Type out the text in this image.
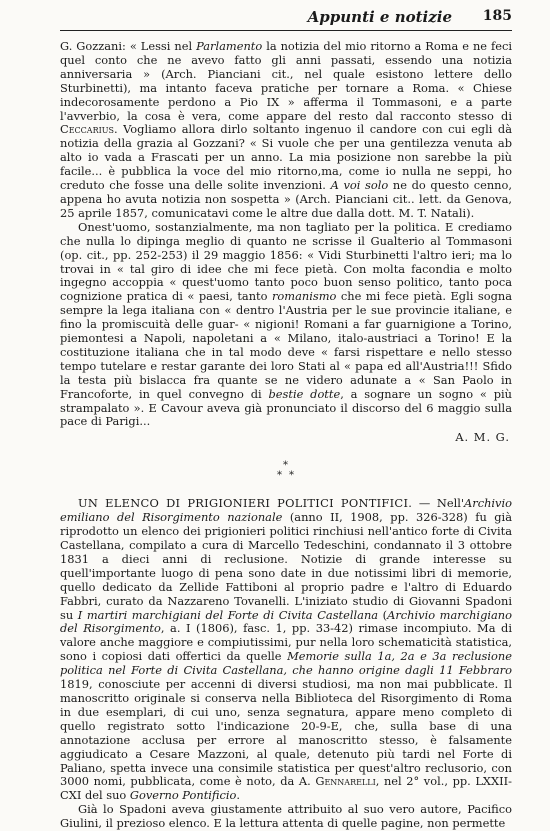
Appunti e notizie 185

G. Gozzani: « Lessi nel Parlamento la notizia del mio ritorno a Roma e ne feci quel conto che ne avevo fatto gli anni passati, essendo una notizia anniversaria » (Arch. Pianciani cit., nel quale esistono lettere dello Sturbinetti), ma intanto faceva pratiche per tornare a Roma. « Chiese indecorosamente perdono a Pio IX » afferma il Tommasoni, e a parte l'avverbio, la cosa è vera, come appare del resto dal racconto stesso di Ceccarius. Vogliamo allora dirlo soltanto ingenuo il candore con cui egli dà notizia della grazia al Gozzani? « Si vuole che per una gentilezza venuta ab alto io vada a Frascati per un anno. La mia posizione non sarebbe la più facile... è pubblica la voce del mio ritorno,ma, come io nulla ne seppi, ho creduto che fosse una delle solite invenzioni. A voi solo ne do questo cenno, appena ho avuta notizia non sospetta » (Arch. Pianciani cit.. lett. da Genova, 25 aprile 1857, comunicatavi come le altre due dalla dott. M. T. Natali).

Onest'uomo, sostanzialmente, ma non tagliato per la politica. E crediamo che nulla lo dipinga meglio di quanto ne scrisse il Gualterio al Tommasoni (op. cit., pp. 252-253) il 29 maggio 1856: « Vidi Sturbinetti l'altro ieri; ma lo trovai in « tal giro di idee che mi fece pietà. Con molta facondia e molto ingegno accoppia « quest'uomo tanto poco buon senso politico, tanto poca cognizione pratica di « paesi, tanto romanismo che mi fece pietà. Egli sogna sempre la lega italiana con « dentro l'Austria per le sue provincie italiane, e fino la promiscuità delle guar- « nigioni! Romani a far guarnigione a Torino, piemontesi a Napoli, napoletani a « Milano, italo-austriaci a Torino! E la costituzione italiana che in tal modo deve « farsi rispettare e nello stesso tempo tutelare e restar garante dei loro Stati al « papa ed all'Austria!!! Sfido la testa più bislacca fra quante se ne videro adunate a « San Paolo in Francoforte, in quel convegno di bestie dotte, a sognare un sogno « più strampalato ». E Cavour aveva già pronunciato il discorso del 6 maggio sulla pace di Parigi...

A. M. G.
*
* *

UN ELENCO DI PRIGIONIERI POLITICI PONTIFICI. — Nell'Archivio emiliano del Risorgimento nazionale (anno II, 1908, pp. 326-328) fu già riprodotto un elenco dei prigionieri politici rinchiusi nell'antico forte di Civita Castellana, compilato a cura di Marcello Tedeschini, condannato il 3 ottobre 1831 a dieci anni di reclusione. Notizie di grande interesse su quell'importante luogo di pena sono date in due notissimi libri di memorie, quello dedicato da Zellide Fattiboni al proprio padre e l'altro di Eduardo Fabbri, curato da Nazzareno Tovanelli. L'iniziato studio di Giovanni Spadoni su I martiri marchigiani del Forte di Civita Castellana (Archivio marchigiano del Risorgimento, a. I (1806), fasc. 1, pp. 33-42) rimase incompiuto. Ma di valore anche maggiore e compiutissimi, pur nella loro schematicità statistica, sono i copiosi dati offertici da quelle Memorie sulla 1a, 2a e 3a reclusione politica nel Forte di Civita Castellana, che hanno origine dagli 11 Febbraro 1819, conosciute per accenni di diversi studiosi, ma non mai pubblicate. Il manoscritto originale si conserva nella Biblioteca del Risorgimento di Roma in due esemplari, di cui uno, senza segnatura, appare meno completo di quello registrato sotto l'indicazione 20-9-E, che, sulla base di una annotazione acclusa per errore al manoscritto stesso, è falsamente aggiudicato a Cesare Mazzoni, al quale, detenuto più tardi nel Forte di Paliano, spetta invece una consimile statistica per quest'altro reclusorio, con 3000 nomi, pubblicata, come è noto, da A. Gennarelli, nel 2° vol., pp. LXXII-CXI del suo Governo Pontificio.

Già lo Spadoni aveva giustamente attribuito al suo vero autore, Pacifico Giulini, il prezioso elenco. E la lettura attenta di quelle pagine, non permette
